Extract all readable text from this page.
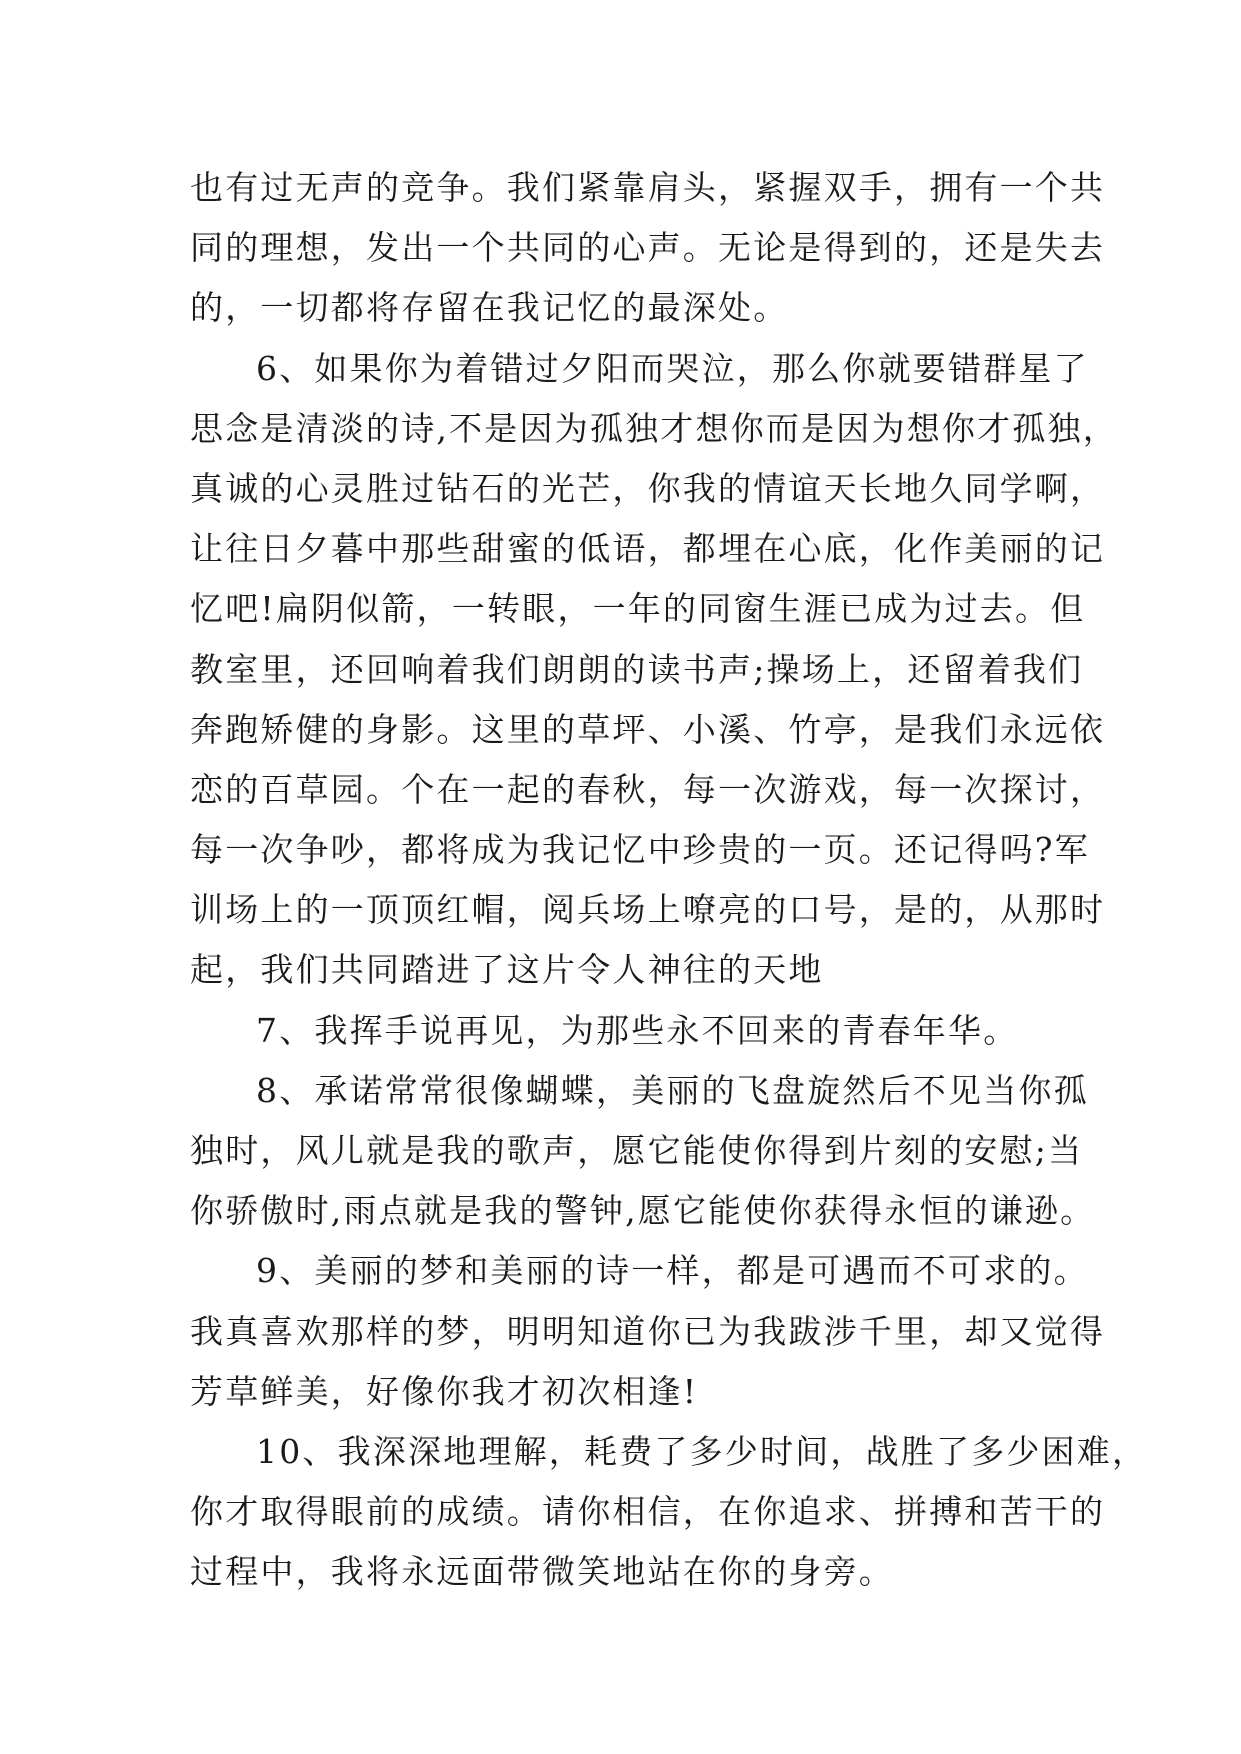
也有过无声的竞争。我们紧靠肩头，紧握双手，拥有一个共
同的理想，发出一个共同的心声。无论是得到的，还是失去
的，一切都将存留在我记忆的最深处。
6、如果你为着错过夕阳而哭泣，那么你就要错群星了
思念是清淡的诗,不是因为孤独才想你而是因为想你才孤独，
真诚的心灵胜过钻石的光芒，你我的情谊天长地久同学啊，
让往日夕暮中那些甜蜜的低语，都埋在心底，化作美丽的记
忆吧!扁阴似箭，一转眼，一年的同窗生涯已成为过去。但
教室里，还回响着我们朗朗的读书声;操场上，还留着我们
奔跑矫健的身影。这里的草坪、小溪、竹亭，是我们永远依
恋的百草园。个在一起的春秋，每一次游戏，每一次探讨，
每一次争吵，都将成为我记忆中珍贵的一页。还记得吗?军
训场上的一顶顶红帽，阅兵场上嘹亮的口号，是的，从那时
起，我们共同踏进了这片令人神往的天地
7、我挥手说再见，为那些永不回来的青春年华。
8、承诺常常很像蝴蝶，美丽的飞盘旋然后不见当你孤
独时，风儿就是我的歌声，愿它能使你得到片刻的安慰;当
你骄傲时,雨点就是我的警钟,愿它能使你获得永恒的谦逊。
9、美丽的梦和美丽的诗一样，都是可遇而不可求的。
我真喜欢那样的梦，明明知道你已为我跋涉千里，却又觉得
芳草鲜美，好像你我才初次相逢!
10、我深深地理解，耗费了多少时间，战胜了多少困难，
你才取得眼前的成绩。请你相信，在你追求、拼搏和苦干的
过程中，我将永远面带微笑地站在你的身旁。
